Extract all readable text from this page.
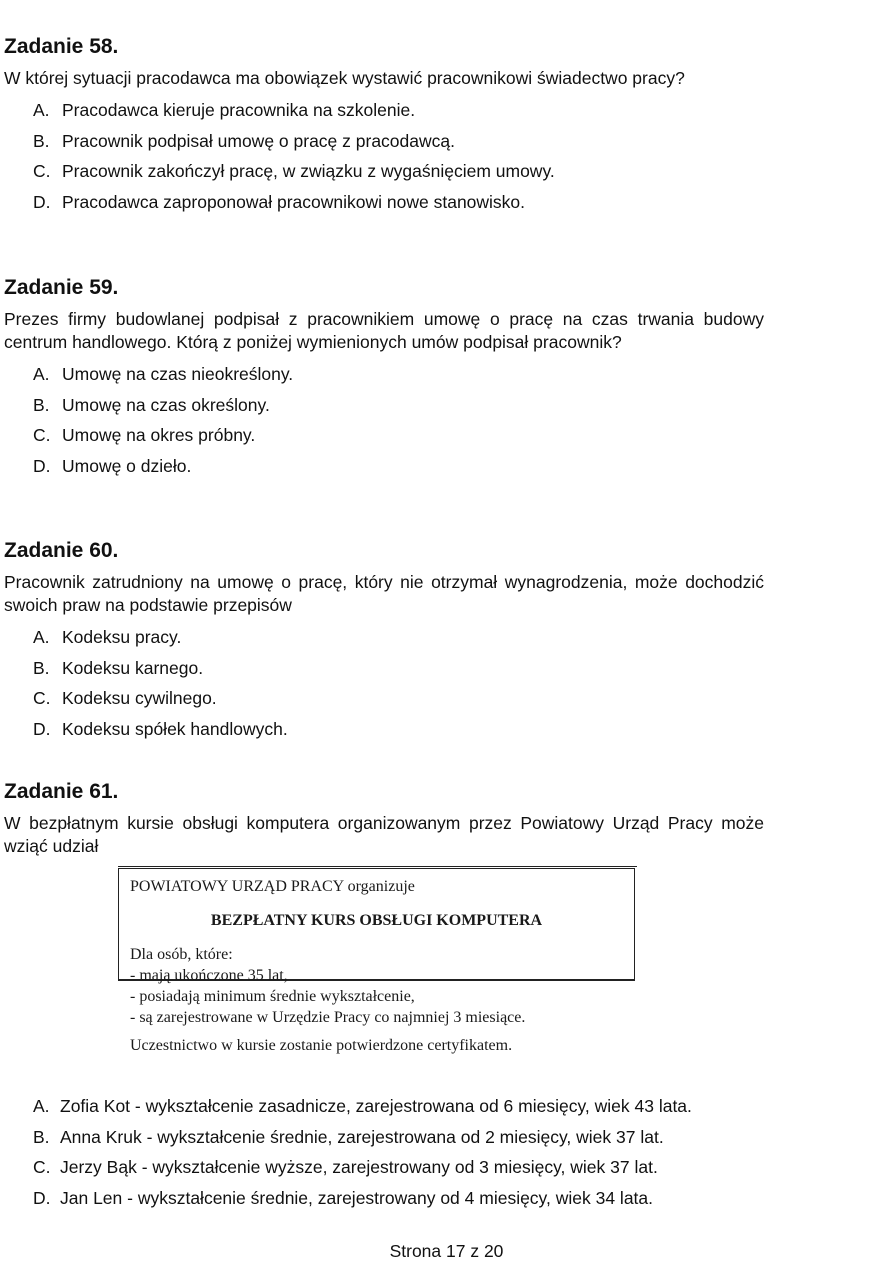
Zadanie 58.
W której sytuacji pracodawca ma obowiązek wystawić pracownikowi świadectwo pracy?
A. Pracodawca kieruje pracownika na szkolenie.
B. Pracownik podpisał umowę o pracę z pracodawcą.
C. Pracownik zakończył pracę, w związku z wygaśnięciem umowy.
D. Pracodawca zaproponował pracownikowi nowe stanowisko.
Zadanie 59.
Prezes firmy budowlanej podpisał z pracownikiem umowę o pracę na czas trwania budowy centrum handlowego. Którą z poniżej wymienionych umów podpisał pracownik?
A. Umowę na czas nieokreślony.
B. Umowę na czas określony.
C. Umowę na okres próbny.
D. Umowę o dzieło.
Zadanie 60.
Pracownik zatrudniony na umowę o pracę, który nie otrzymał wynagrodzenia, może dochodzić swoich praw na podstawie przepisów
A. Kodeksu pracy.
B. Kodeksu karnego.
C. Kodeksu cywilnego.
D. Kodeksu spółek handlowych.
Zadanie 61.
W bezpłatnym kursie obsługi komputera organizowanym przez Powiatowy Urząd Pracy może wziąć udział
POWIATOWY URZĄD PRACY organizuje
BEZPŁATNY KURS OBSŁUGI KOMPUTERA
Dla osób, które:
- mają ukończone 35 lat,
- posiadają minimum średnie wykształcenie,
- są zarejestrowane w Urzędzie Pracy co najmniej 3 miesiące.
Uczestnictwo w kursie zostanie potwierdzone certyfikatem.
A. Zofia Kot - wykształcenie zasadnicze, zarejestrowana od 6 miesięcy, wiek 43 lata.
B. Anna Kruk - wykształcenie średnie, zarejestrowana od 2 miesięcy, wiek 37 lat.
C. Jerzy Bąk - wykształcenie wyższe, zarejestrowany od 3 miesięcy, wiek 37 lat.
D. Jan Len - wykształcenie średnie, zarejestrowany od 4 miesięcy, wiek 34 lata.
Strona 17 z 20
